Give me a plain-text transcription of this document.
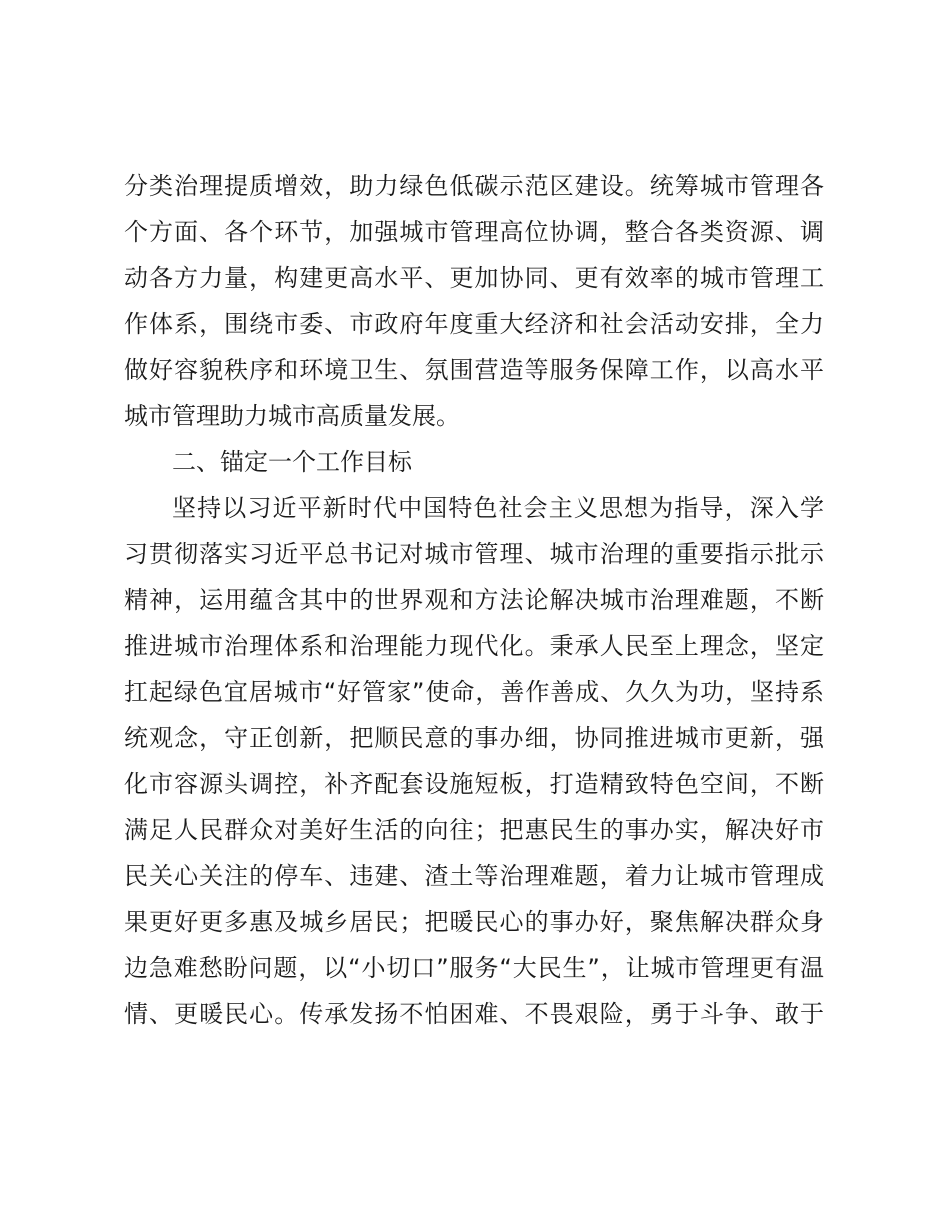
分类治理提质增效，助力绿色低碳示范区建设。统筹城市管理各
个方面、各个环节，加强城市管理高位协调，整合各类资源、调
动各方力量，构建更高水平、更加协同、更有效率的城市管理工
作体系，围绕市委、市政府年度重大经济和社会活动安排，全力
做好容貌秩序和环境卫生、氛围营造等服务保障工作，以高水平
城市管理助力城市高质量发展。
二、锚定一个工作目标
坚持以习近平新时代中国特色社会主义思想为指导，深入学
习贯彻落实习近平总书记对城市管理、城市治理的重要指示批示
精神，运用蕴含其中的世界观和方法论解决城市治理难题，不断
推进城市治理体系和治理能力现代化。秉承人民至上理念，坚定
扛起绿色宜居城市“好管家”使命，善作善成、久久为功，坚持系
统观念，守正创新，把顺民意的事办细，协同推进城市更新，强
化市容源头调控，补齐配套设施短板，打造精致特色空间，不断
满足人民群众对美好生活的向往；把惠民生的事办实，解决好市
民关心关注的停车、违建、渣土等治理难题，着力让城市管理成
果更好更多惠及城乡居民；把暖民心的事办好，聚焦解决群众身
边急难愁盼问题，以“小切口”服务“大民生”，让城市管理更有温
情、更暖民心。传承发扬不怕困难、不畏艰险，勇于斗争、敢于
